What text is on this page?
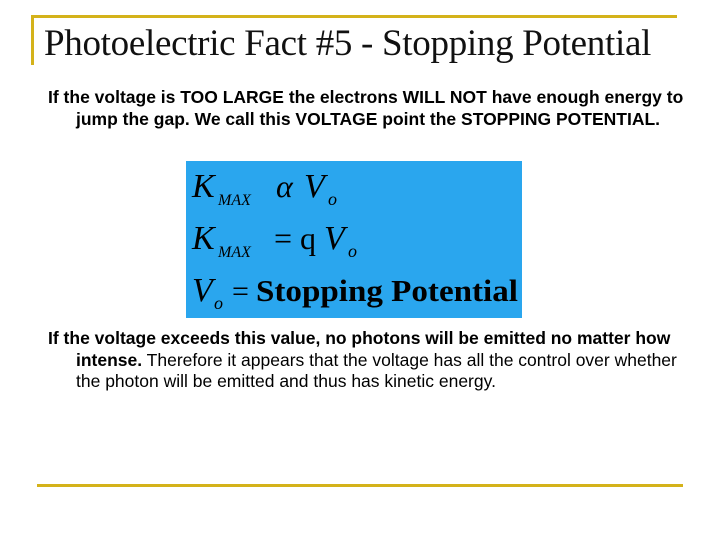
Photoelectric Fact #5 - Stopping Potential
If the voltage is TOO LARGE the electrons WILL NOT have enough energy to jump the gap. We call this VOLTAGE point the STOPPING POTENTIAL.
K MAX α V o
K MAX = q V o
V o = Stopping Potential
If the voltage exceeds this value, no photons will be emitted no matter how intense. Therefore it appears that the voltage has all the control over whether the photon will be emitted and thus has kinetic energy.
